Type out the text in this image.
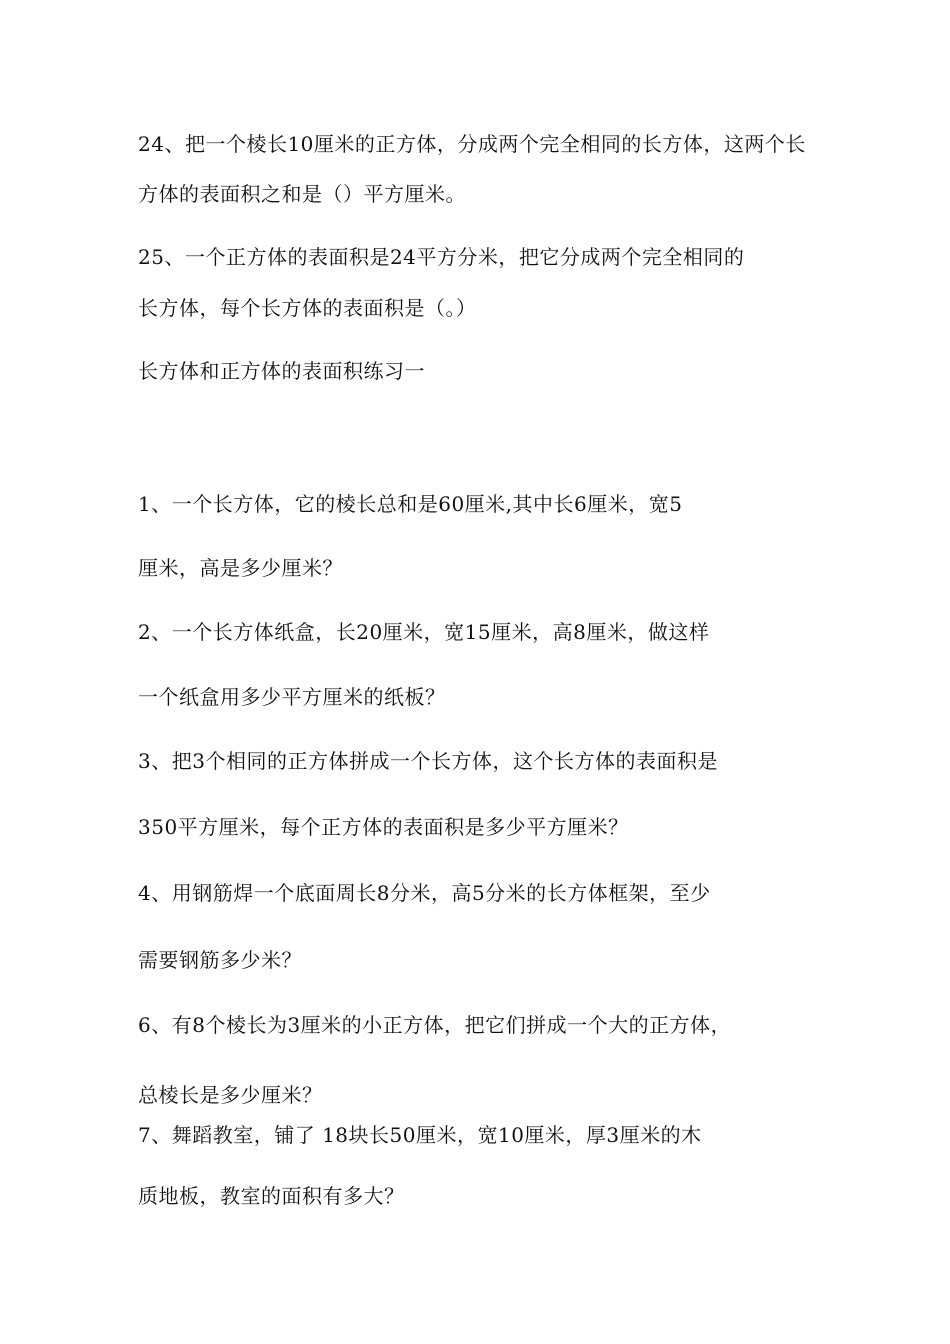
24、把一个棱长10厘米的正方体，分成两个完全相同的长方体，这两个长
方体的表面积之和是（）平方厘米。
25、一个正方体的表面积是24平方分米，把它分成两个完全相同的
长方体，每个长方体的表面积是（。）
长方体和正方体的表面积练习一
1、一个长方体，它的棱长总和是60厘米,其中长6厘米，宽5
厘米，高是多少厘米？
2、一个长方体纸盒，长20厘米，宽15厘米，高8厘米，做这样
一个纸盒用多少平方厘米的纸板？
3、把3个相同的正方体拼成一个长方体，这个长方体的表面积是
350平方厘米，每个正方体的表面积是多少平方厘米？
4、用钢筋焊一个底面周长8分米，高5分米的长方体框架，至少
需要钢筋多少米？
6、有8个棱长为3厘米的小正方体，把它们拼成一个大的正方体，
总棱长是多少厘米？
7、舞蹈教室，铺了 18块长50厘米，宽10厘米，厚3厘米的木
质地板，教室的面积有多大？
